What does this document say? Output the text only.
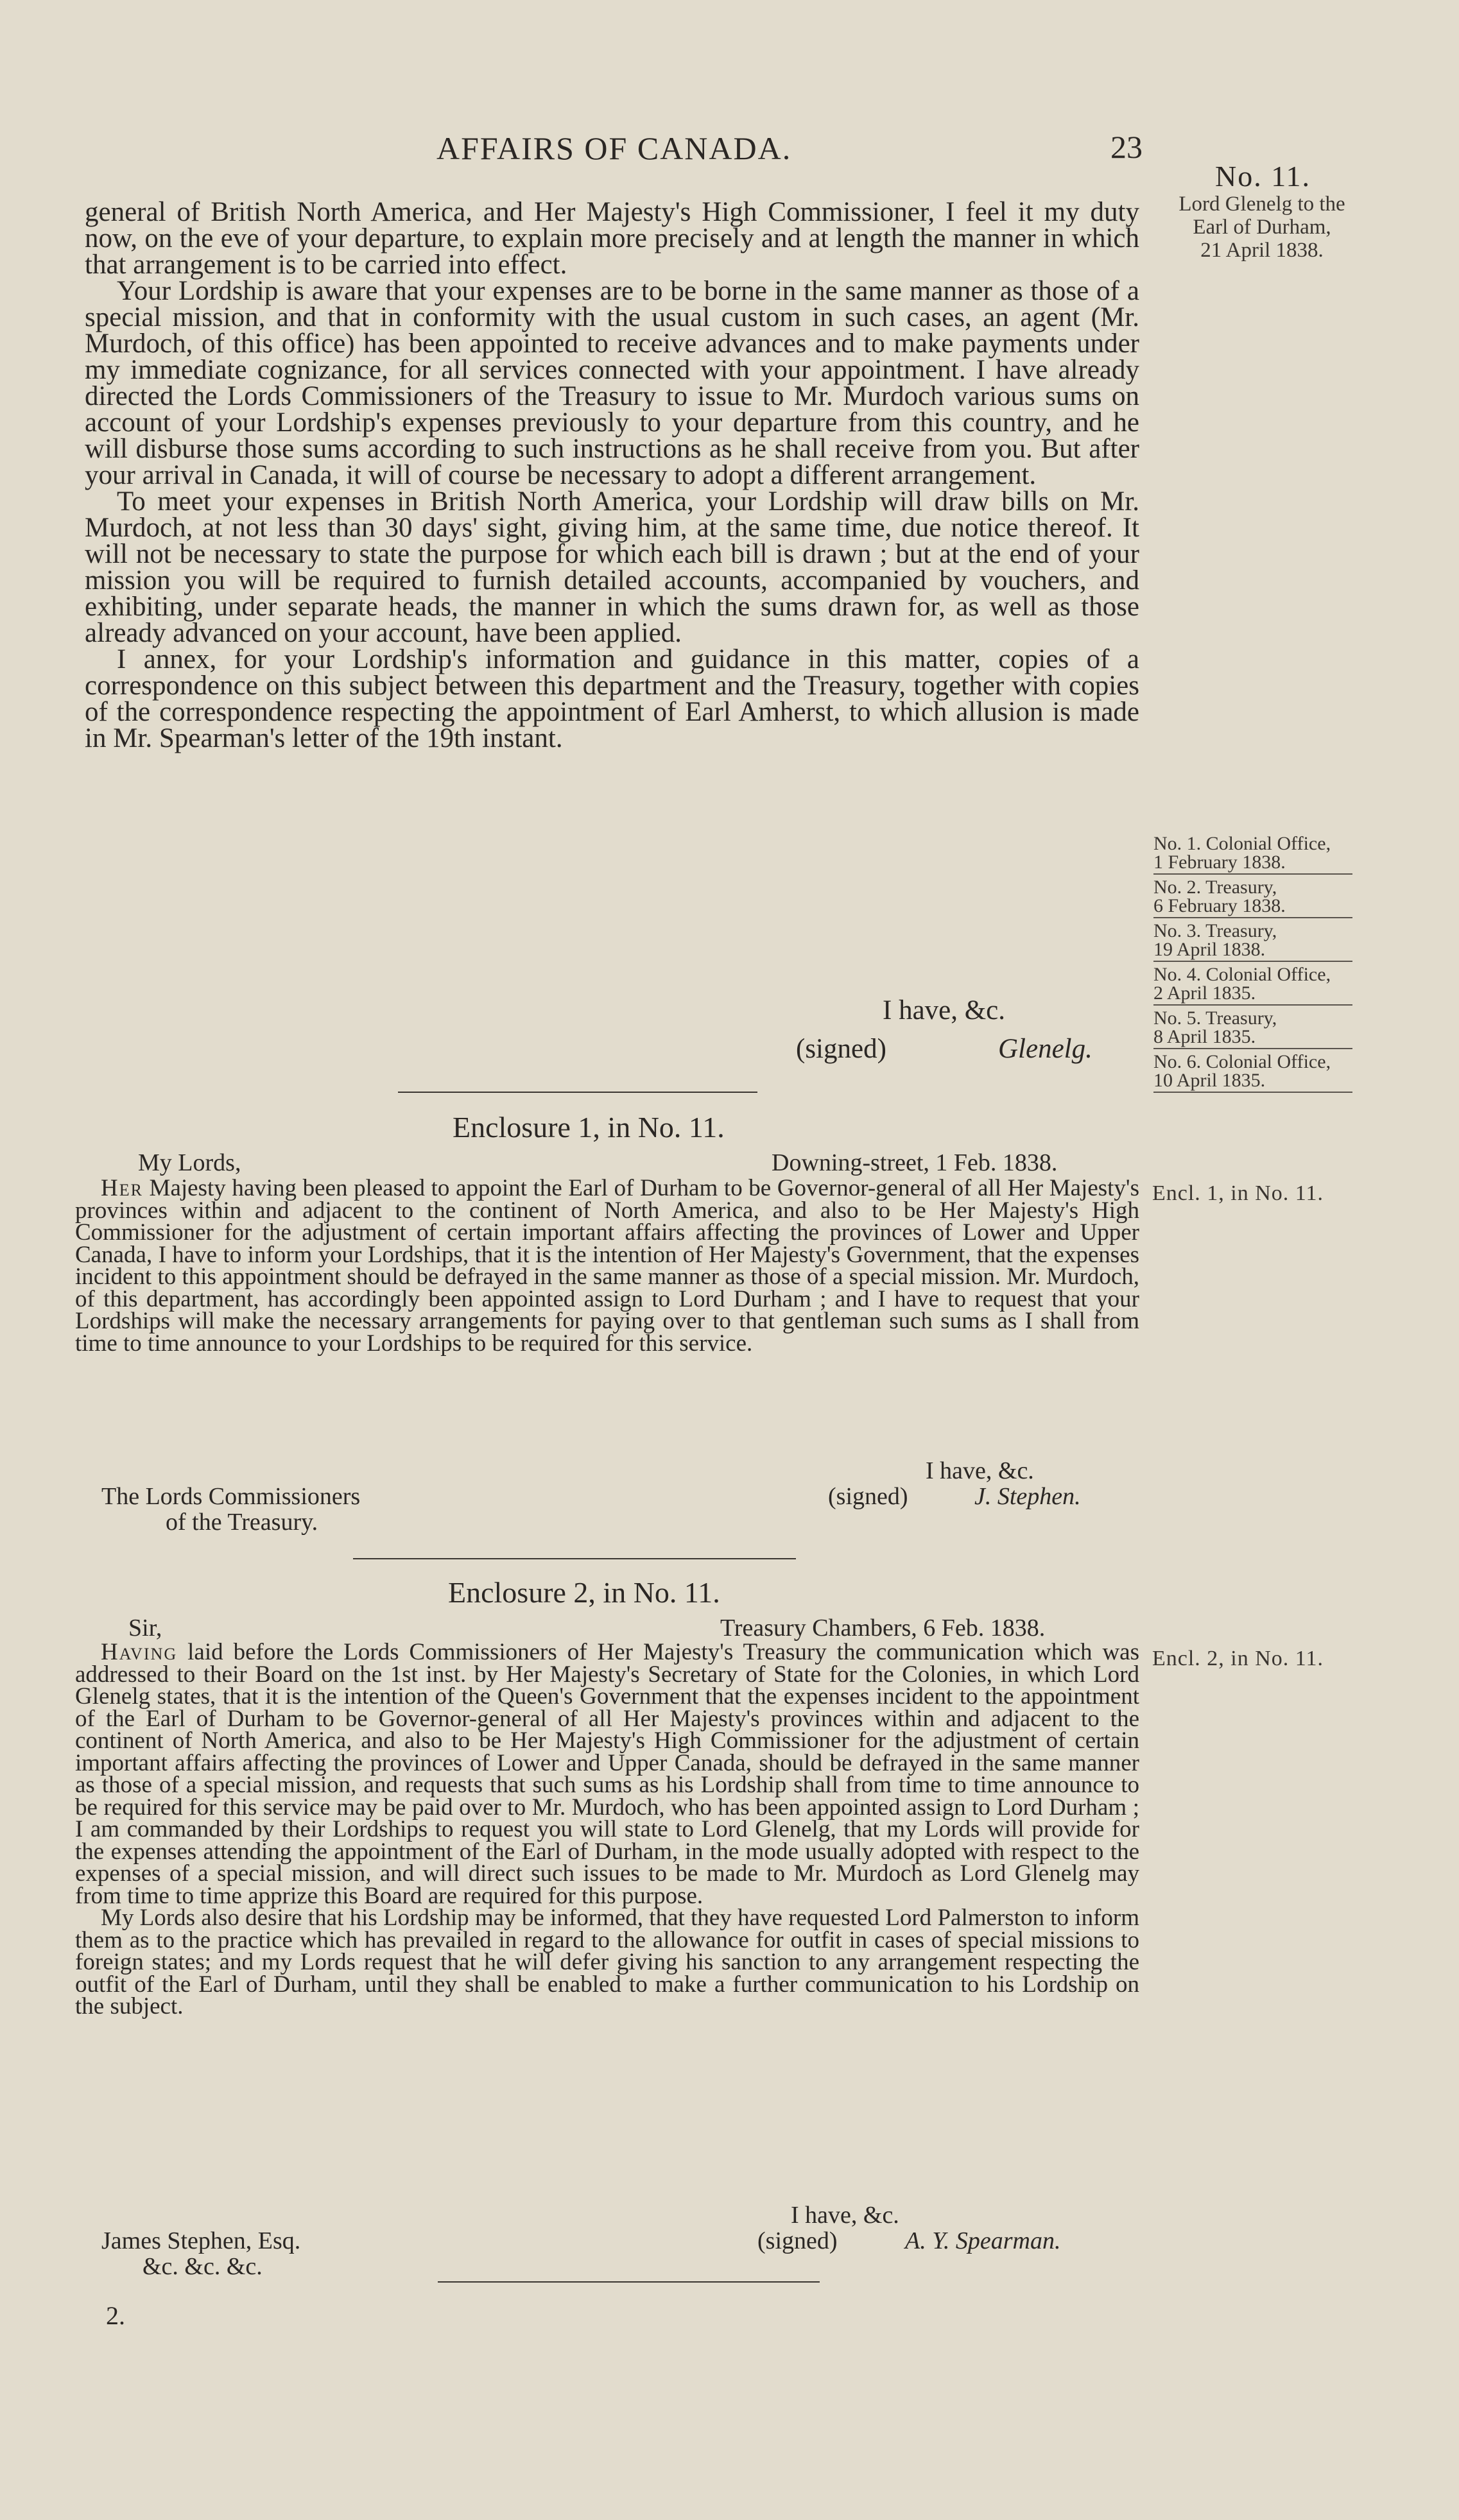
AFFAIRS OF CANADA.	23
No. 11.
Lord Glenelg to the
Earl of Durham,
21 April 1838.

general of British North America, and Her Majesty's High Commissioner, I feel it my duty now, on the eve of your departure, to explain more precisely and at length the manner in which that arrangement is to be carried into effect.

Your Lordship is aware that your expenses are to be borne in the same manner as those of a special mission, and that in conformity with the usual custom in such cases, an agent (Mr. Murdoch, of this office) has been appointed to receive advances and to make payments under my immediate cognizance, for all services connected with your appointment. I have already directed the Lords Commissioners of the Treasury to issue to Mr. Murdoch various sums on account of your Lordship's expenses previously to your departure from this country, and he will disburse those sums according to such instructions as he shall receive from you. But after your arrival in Canada, it will of course be necessary to adopt a different arrangement.

To meet your expenses in British North America, your Lordship will draw bills on Mr. Murdoch, at not less than 30 days' sight, giving him, at the same time, due notice thereof. It will not be necessary to state the purpose for which each bill is drawn ; but at the end of your mission you will be required to furnish detailed accounts, accompanied by vouchers, and exhibiting, under separate heads, the manner in which the sums drawn for, as well as those already advanced on your account, have been applied.

I annex, for your Lordship's information and guidance in this matter, copies of a correspondence on this subject between this department and the Treasury, together with copies of the correspondence respecting the appointment of Earl Amherst, to which allusion is made in Mr. Spearman's letter of the 19th instant.

I have, &c.
(signed)	Glenelg.
No. 1. Colonial Office,
1 February 1838.
No. 2. Treasury,
6 February 1838.
No. 3. Treasury,
19 April 1838.
No. 4. Colonial Office,
2 April 1835.
No. 5. Treasury,
8 April 1835.
No. 6. Colonial Office,
10 April 1835.
Enclosure 1, in No. 11.
Encl. 1, in No. 11.
My Lords,	Downing-street, 1 Feb. 1838.

Her Majesty having been pleased to appoint the Earl of Durham to be Governor-general of all Her Majesty's provinces within and adjacent to the continent of North America, and also to be Her Majesty's High Commissioner for the adjustment of certain important affairs affecting the provinces of Lower and Upper Canada, I have to inform your Lordships, that it is the intention of Her Majesty's Government, that the expenses incident to this appointment should be defrayed in the same manner as those of a special mission. Mr. Murdoch, of this department, has accordingly been appointed assign to Lord Durham ; and I have to request that your Lordships will make the necessary arrangements for paying over to that gentleman such sums as I shall from time to time announce to your Lordships to be required for this service.

I have, &c.
The Lords Commissioners	(signed)	J. Stephen.
of the Treasury.
Enclosure 2, in No. 11.
Encl. 2, in No. 11.
Sir,	Treasury Chambers, 6 Feb. 1838.

Having laid before the Lords Commissioners of Her Majesty's Treasury the communication which was addressed to their Board on the 1st inst. by Her Majesty's Secretary of State for the Colonies, in which Lord Glenelg states, that it is the intention of the Queen's Government that the expenses incident to the appointment of the Earl of Durham to be Governor-general of all Her Majesty's provinces within and adjacent to the continent of North America, and also to be Her Majesty's High Commissioner for the adjustment of certain important affairs affecting the provinces of Lower and Upper Canada, should be defrayed in the same manner as those of a special mission, and requests that such sums as his Lordship shall from time to time announce to be required for this service may be paid over to Mr. Murdoch, who has been appointed assign to Lord Durham ; I am commanded by their Lordships to request you will state to Lord Glenelg, that my Lords will provide for the expenses attending the appointment of the Earl of Durham, in the mode usually adopted with respect to the expenses of a special mission, and will direct such issues to be made to Mr. Murdoch as Lord Glenelg may from time to time apprize this Board are required for this purpose.

My Lords also desire that his Lordship may be informed, that they have requested Lord Palmerston to inform them as to the practice which has prevailed in regard to the allowance for outfit in cases of special missions to foreign states; and my Lords request that he will defer giving his sanction to any arrangement respecting the outfit of the Earl of Durham, until they shall be enabled to make a further communication to his Lordship on the subject.

I have, &c.
James Stephen, Esq.	(signed)	A. Y. Spearman.
&c. &c. &c.
2.
